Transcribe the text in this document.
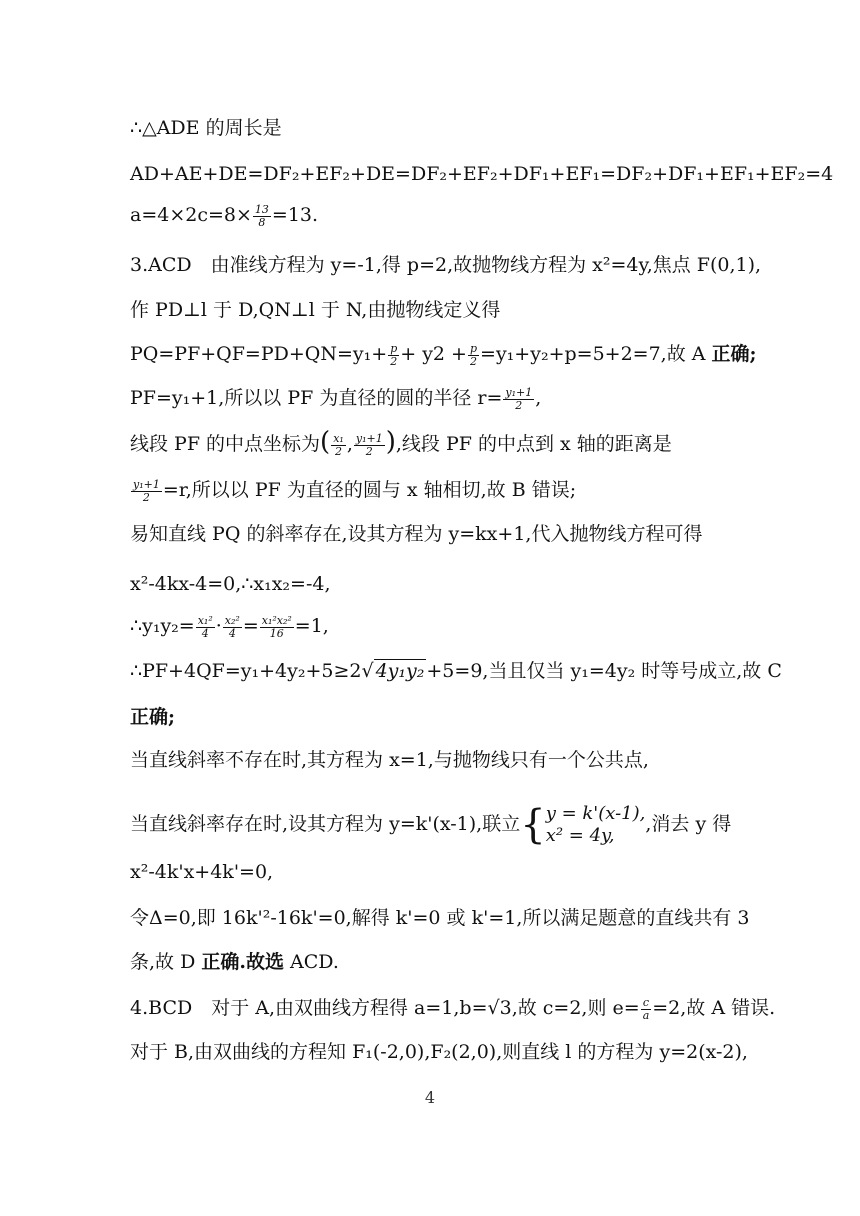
∴△ADE 的周长是
AD+AE+DE=DF₂+EF₂+DE=DF₂+EF₂+DF₁+EF₁=DF₂+DF₁+EF₁+EF₂=4
$a=4\times 2c=8\times \frac{13}{8} =13$.
3.ACD　由准线方程为 y=-1,得 p=2,故抛物线方程为 x²=4y,焦点 F(0,1),
作 PD⊥l 于 D,QN⊥l 于 N,由抛物线定义得
$PQ=PF+QF=PD+QN=y_1+ \frac{p}{2} + y2 + \frac{p}{2} =y_1+y_2+p=5+2=7$,故 A 正确;
PF=y₁+1,所以以 PF 为直径的圆的半径 $r= \frac{\text{y₁+1}}{2}$ ,
线段 PF 的中点坐标为( $\frac{\text{x₁}}{2}$ , $\frac{\text{y₁+1}}{2}$ ),线段 PF 的中点到 x 轴的距离是
$\frac{\text{y₁+1}}{2} =r$,所以以 PF 为直径的圆与 x 轴相切,故 B 错误;
易知直线 PQ 的斜率存在,设其方程为 y=kx+1,代入抛物线方程可得
x²-4kx-4=0,∴x₁x₂=-4,
∴y₁y₂= $\frac{\text{x₁²}}{4} \cdot \frac{\text{x₂²}}{4} = \frac{\text{x₁²x₂²}}{16} =1$,
∴PF+4QF=y₁+4y₂+5≥2√ 4y₁y₂ +5=9,当且仅当 y₁=4y₂ 时等号成立,故 C
正确;
当直线斜率不存在时,其方程为 x=1,与抛物线只有一个公共点,
当直线斜率存在时,设其方程为 y=k'(x-1),联立{ y = k'(x-1),
x² = 4y,
,消去 y 得
x²-4k'x+4k'=0,
令Δ=0,即 16k'²-16k'=0,解得 k'=0 或 k'=1,所以满足题意的直线共有 3
条,故 D 正确.故选 ACD.
4.BCD　对于 A,由双曲线方程得 a=1,b=√3,故 c=2,则 $e= \frac{c}{a} =2$,故 A 错误.
对于 B,由双曲线的方程知 F₁(-2,0),F₂(2,0),则直线 l 的方程为 y=2(x-2),
4
